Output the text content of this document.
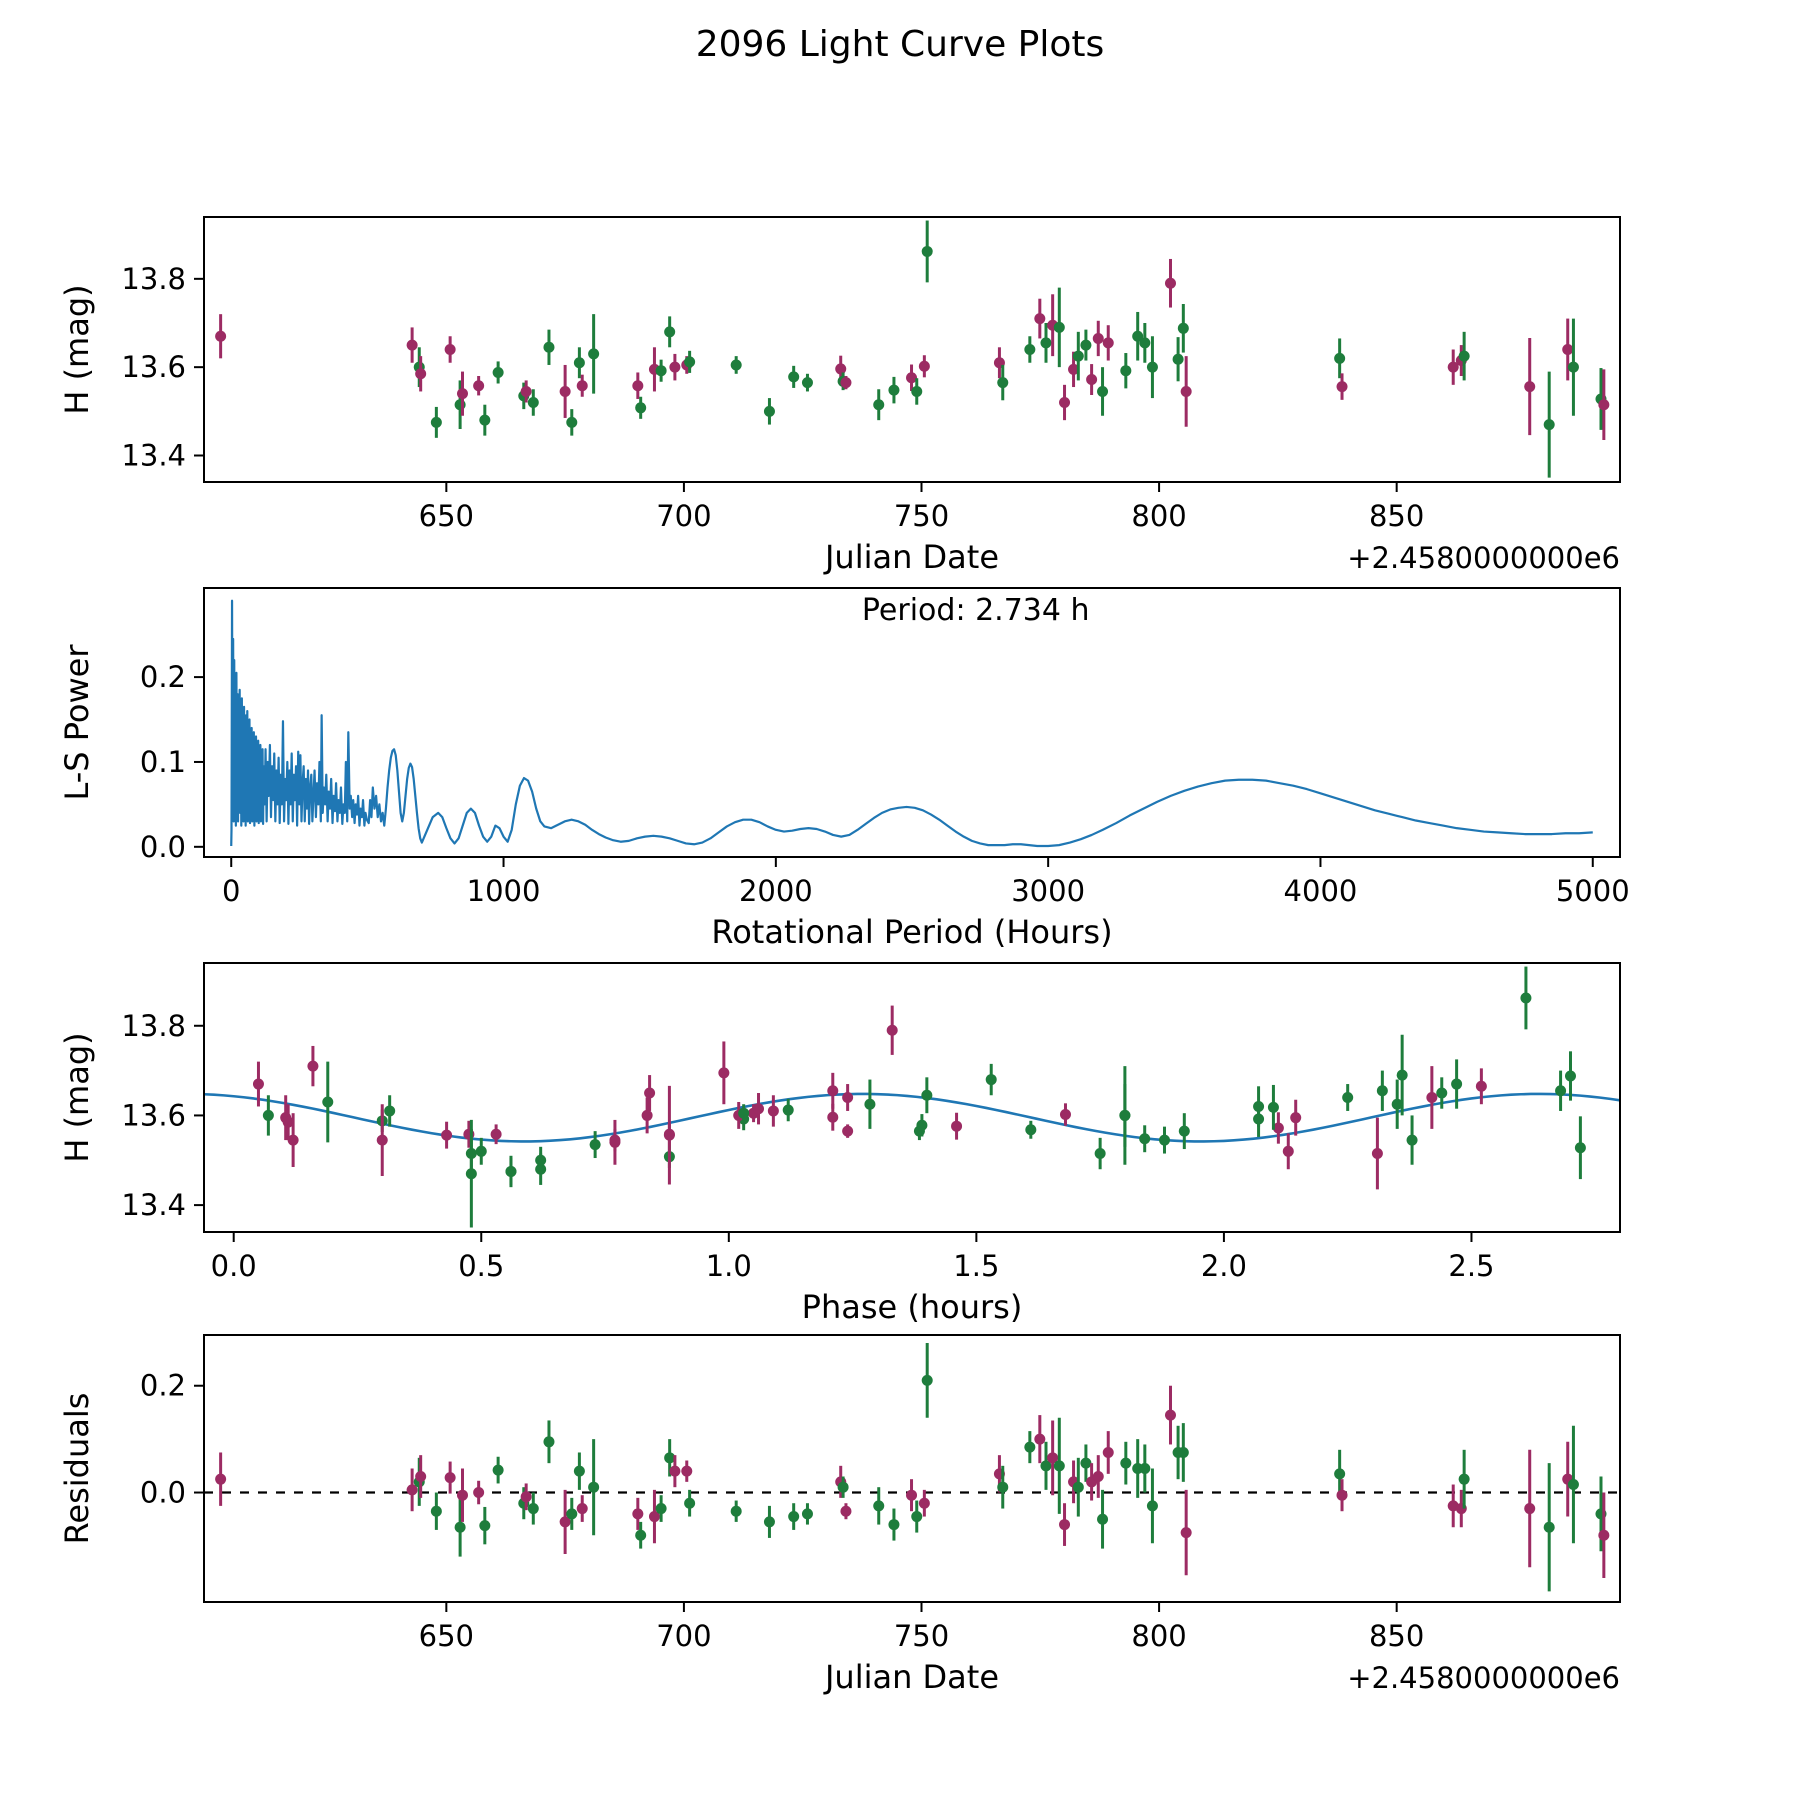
2096 Light Curve Plots
650	700	750	800	850
13.4
13.6
13.8
Julian Date
H (mag)
+2.4580000000e6
0	1000	2000	3000	4000	5000
0.0
0.1
0.2
Rotational Period (Hours)
L-S Power
Period: 2.734 h
0.0	0.5	1.0	1.5	2.0	2.5
13.4
13.6
13.8
Phase (hours)
H (mag)
650	700	750	800	850
0.0
0.2
Julian Date
Residuals
+2.4580000000e6
